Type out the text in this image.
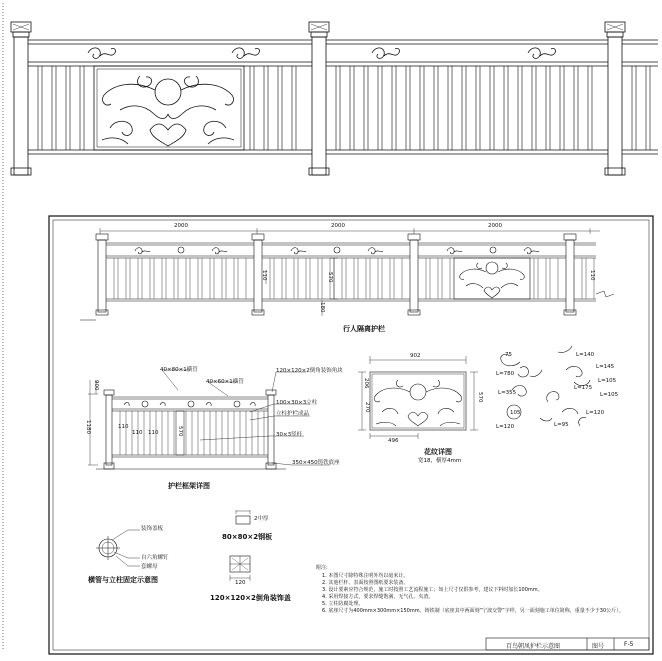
2000	2000	2000
570
110	110
180
行人隔离护栏
40×80×1横管
40×60×1横管
120×120×2倒角装饰角块
100×30×3立柱
立柱护栏成品
30×3竖杆
350×450铸铁底座
110
110 110	570
1180
900
护栏框架详图
902
570
270
206
496
花纹详图
宽18，横厚4mm
L=140
L=780
L=145
L=105
L=175
L=355	L=105
L=120
L=120
L=95
105
75
装饰盖板
自六角螺钉
套螺母
横管与立柱固定示意图
2中厚
80×80×2钢板
120
120×120×2倒角装饰盖
附注:
1. 本图尺寸除特殊注明外均以毫米计。
2. 其他栏杆、表面按照图纸要求装备。
3. 设计要素应符合规范，施工时按照工艺流程施工；如上尺寸仅供参考，建议下料时加长100mm。
4. 采用焊接方式，要求焊缝饱满，无气孔、夹渣。
5. 立柱防腐处理。
6. 底座尺寸为400mm×300mm×150mm，铸铁制（底座其中两面刻“宁波交警”字样，另一面刻施工单位简称，重量不少于30公斤）。
百鸟朝凤护栏示意图	图号	F-5
